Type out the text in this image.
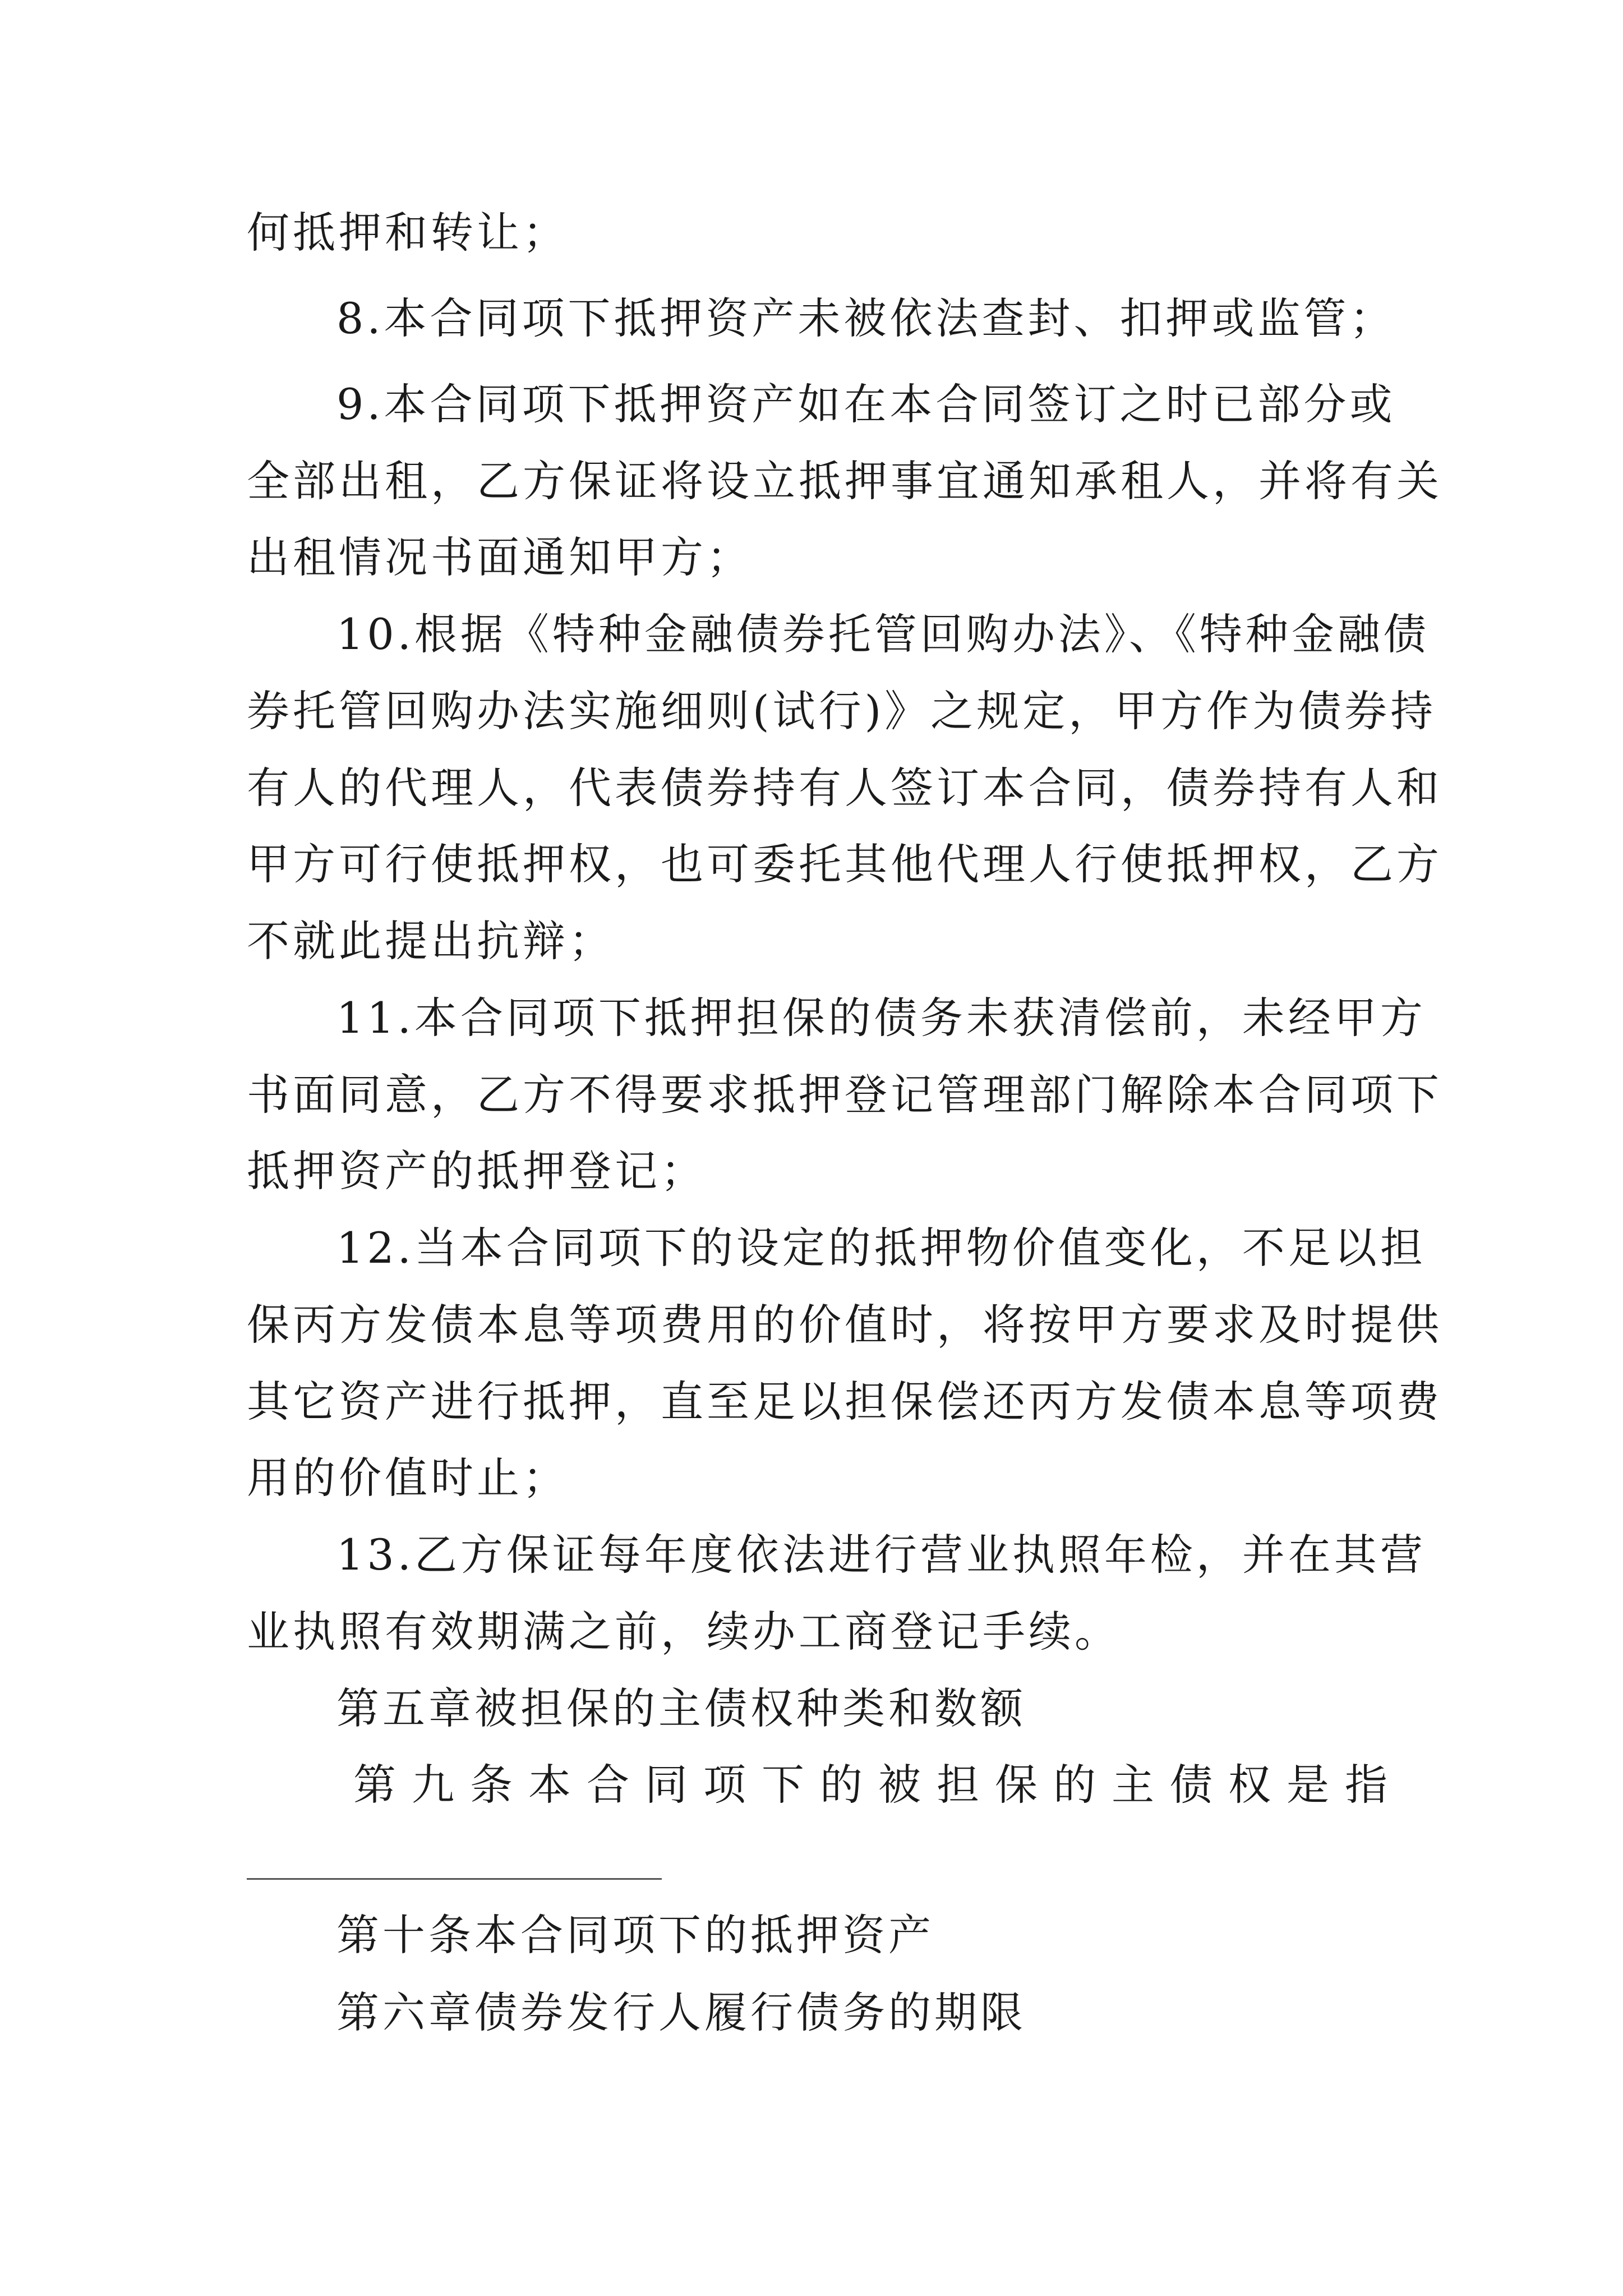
何抵押和转让；
8.本合同项下抵押资产未被依法查封、扣押或监管；
9.本合同项下抵押资产如在本合同签订之时已部分或
全部出租，乙方保证将设立抵押事宜通知承租人，并将有关
出租情况书面通知甲方；
10.根据《特种金融债券托管回购办法》、《特种金融债
券托管回购办法实施细则(试行)》之规定，甲方作为债券持
有人的代理人，代表债券持有人签订本合同，债券持有人和
甲方可行使抵押权，也可委托其他代理人行使抵押权，乙方
不就此提出抗辩；
11.本合同项下抵押担保的债务未获清偿前，未经甲方
书面同意，乙方不得要求抵押登记管理部门解除本合同项下
抵押资产的抵押登记；
12.当本合同项下的设定的抵押物价值变化，不足以担
保丙方发债本息等项费用的价值时，将按甲方要求及时提供
其它资产进行抵押，直至足以担保偿还丙方发债本息等项费
用的价值时止；
13.乙方保证每年度依法进行营业执照年检，并在其营
业执照有效期满之前，续办工商登记手续。
第五章被担保的主债权种类和数额
第 九 条 本 合 同 项 下 的 被 担 保 的 主 债 权 是 指
第十条本合同项下的抵押资产
第六章债券发行人履行债务的期限
